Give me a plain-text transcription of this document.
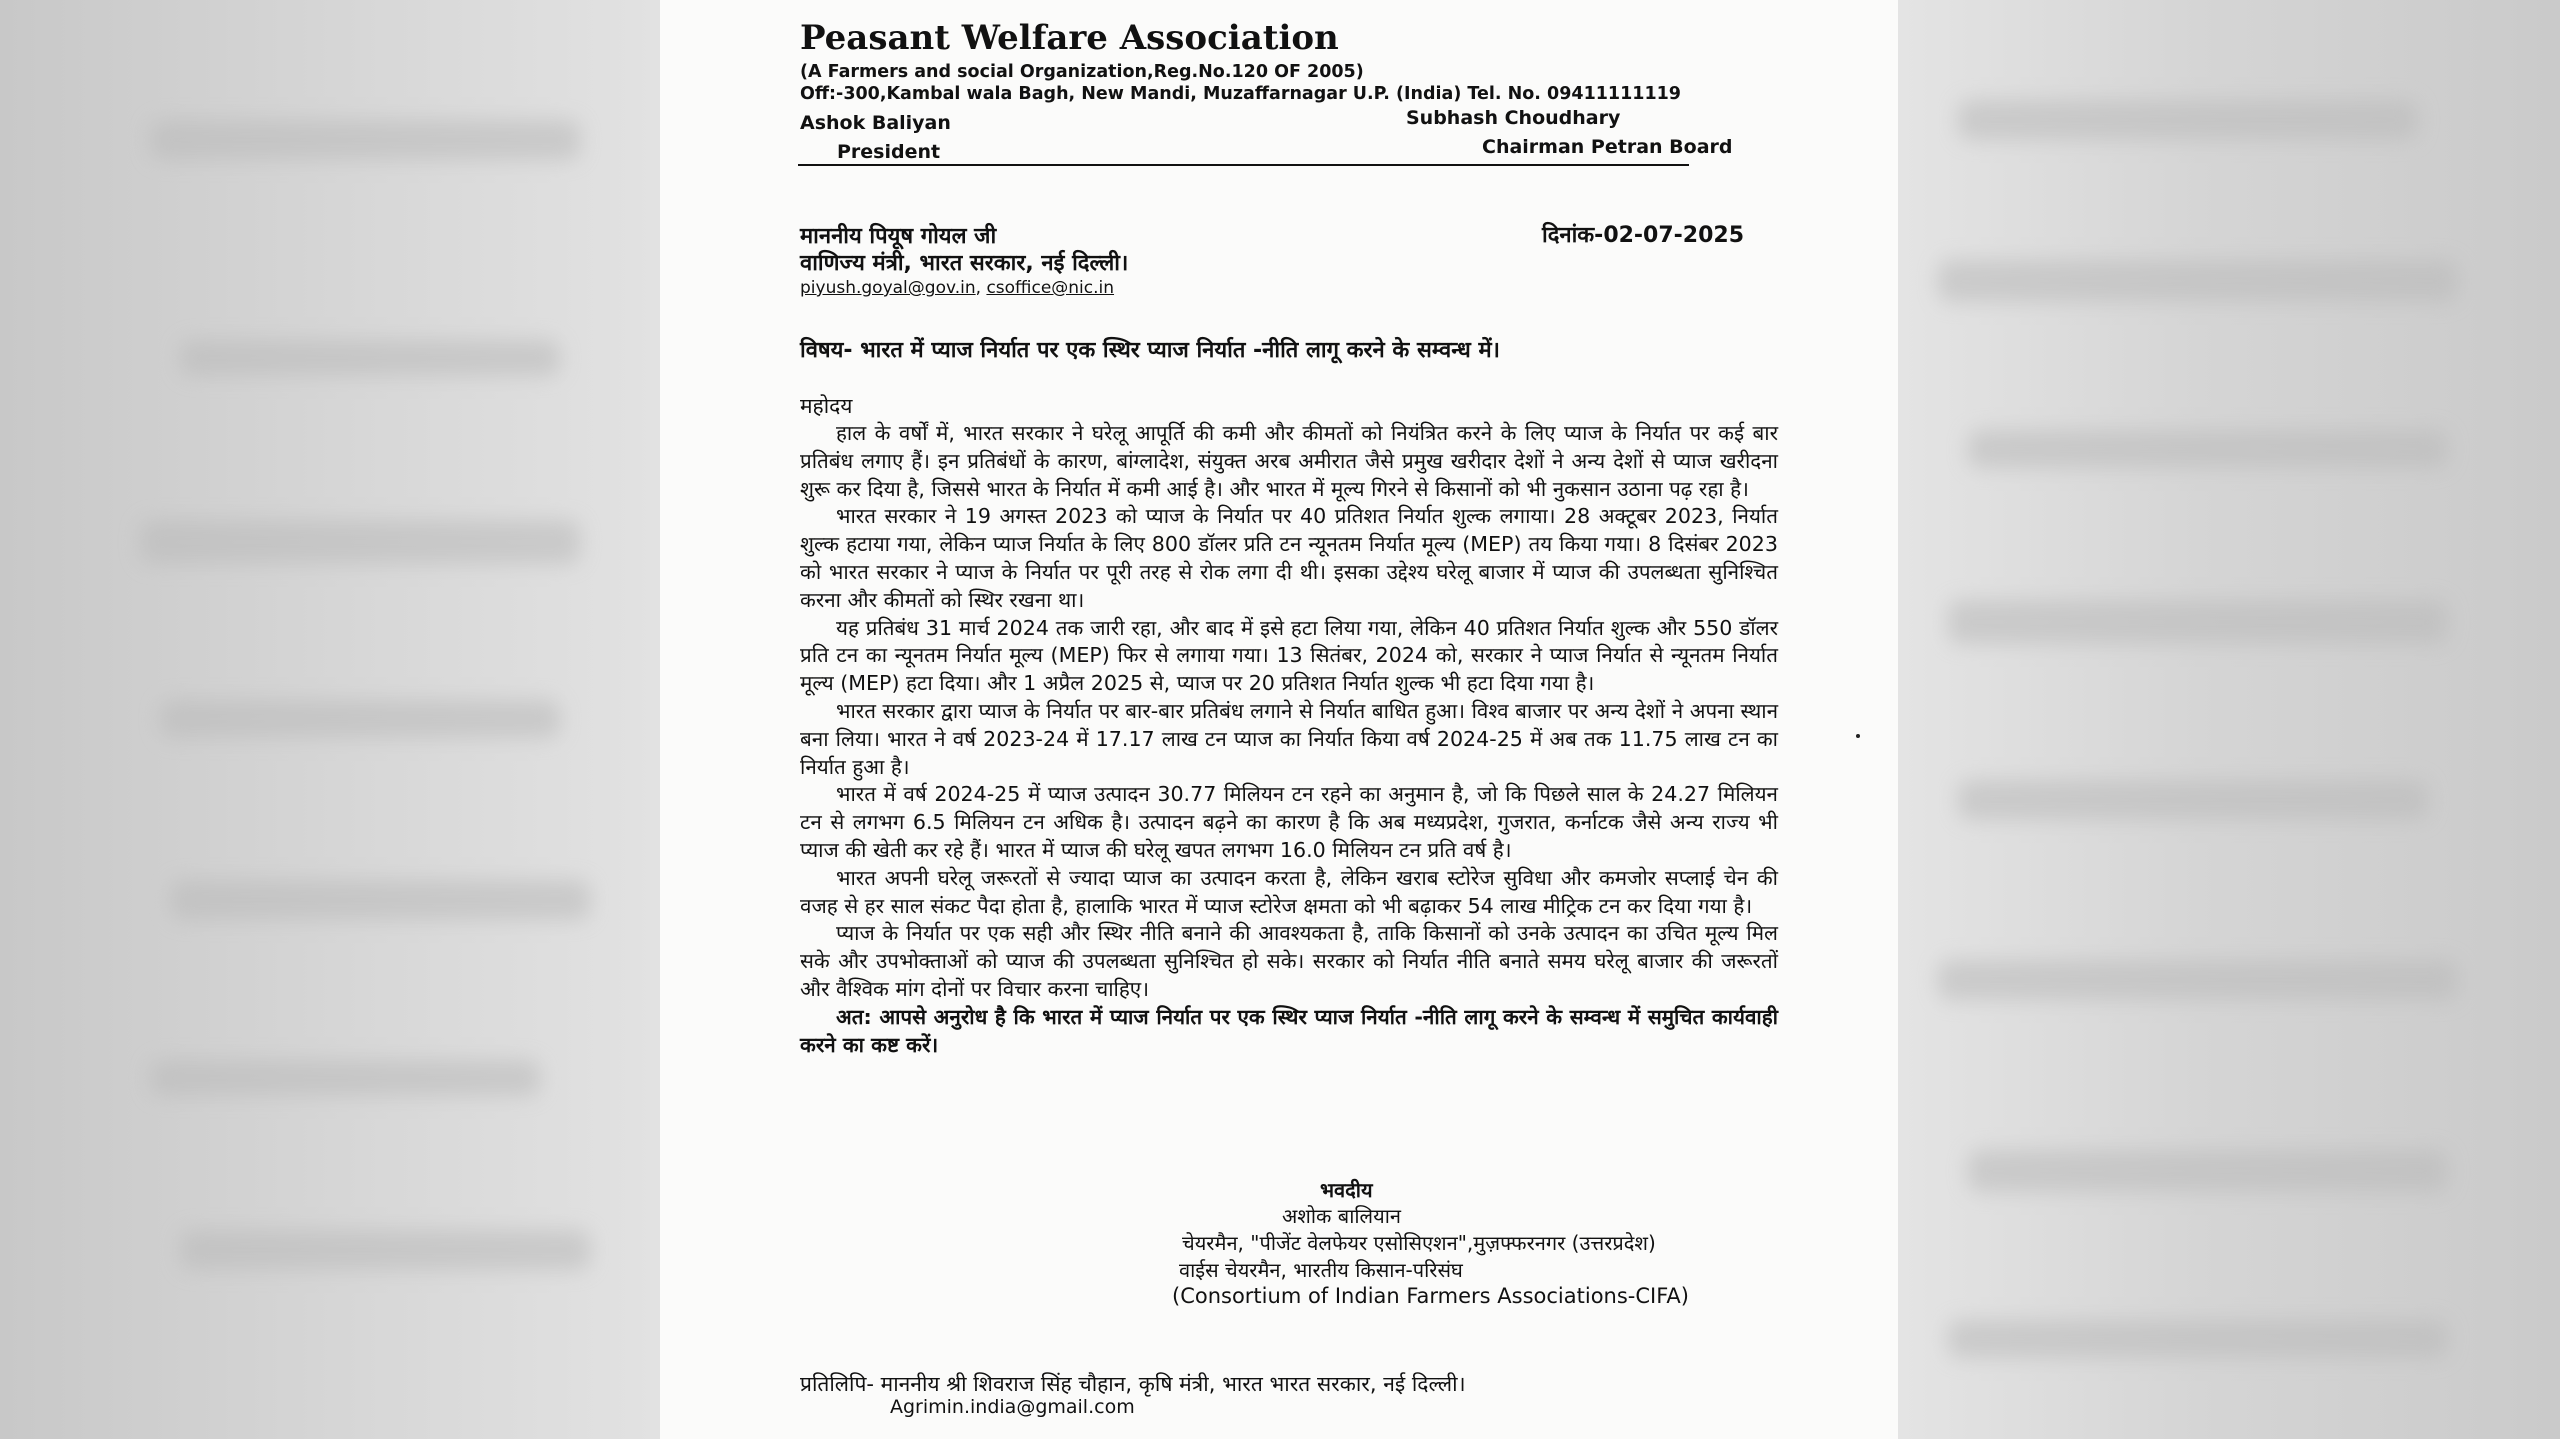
Peasant Welfare Association
(A Farmers and social Organization,Reg.No.120 OF 2005)
Off:-300,Kambal wala Bagh, New Mandi, Muzaffarnagar U.P. (India) Tel. No. 09411111119
Ashok Baliyan
President
Subhash Choudhary
Chairman Petran Board
माननीय पियूष गोयल जी
वाणिज्य मंत्री, भारत सरकार, नई दिल्ली।
piyush.goyal@gov.in, csoffice@nic.in
दिनांक-02-07-2025
विषय- भारत में प्याज निर्यात पर एक स्थिर प्याज निर्यात -नीति लागू करने के सम्वन्ध में।
महोदय

हाल के वर्षों में, भारत सरकार ने घरेलू आपूर्ति की कमी और कीमतों को नियंत्रित करने के लिए प्याज के निर्यात पर कई बार प्रतिबंध लगाए हैं। इन प्रतिबंधों के कारण, बांग्लादेश, संयुक्त अरब अमीरात जैसे प्रमुख खरीदार देशों ने अन्य देशों से प्याज खरीदना शुरू कर दिया है, जिससे भारत के निर्यात में कमी आई है। और भारत में मूल्य गिरने से किसानों को भी नुकसान उठाना पढ़ रहा है।

भारत सरकार ने 19 अगस्त 2023 को प्याज के निर्यात पर 40 प्रतिशत निर्यात शुल्क लगाया। 28 अक्टूबर 2023, निर्यात शुल्क हटाया गया, लेकिन प्याज निर्यात के लिए 800 डॉलर प्रति टन न्यूनतम निर्यात मूल्य (MEP) तय किया गया। 8 दिसंबर 2023 को भारत सरकार ने प्याज के निर्यात पर पूरी तरह से रोक लगा दी थी। इसका उद्देश्य घरेलू बाजार में प्याज की उपलब्धता सुनिश्चित करना और कीमतों को स्थिर रखना था।

यह प्रतिबंध 31 मार्च 2024 तक जारी रहा, और बाद में इसे हटा लिया गया, लेकिन 40 प्रतिशत निर्यात शुल्क और 550 डॉलर प्रति टन का न्यूनतम निर्यात मूल्य (MEP) फिर से लगाया गया। 13 सितंबर, 2024 को, सरकार ने प्याज निर्यात से न्यूनतम निर्यात मूल्य (MEP) हटा दिया। और 1 अप्रैल 2025 से, प्याज पर 20 प्रतिशत निर्यात शुल्क भी हटा दिया गया है।

भारत सरकार द्वारा प्याज के निर्यात पर बार-बार प्रतिबंध लगाने से निर्यात बाधित हुआ। विश्व बाजार पर अन्य देशों ने अपना स्थान बना लिया। भारत ने वर्ष 2023-24 में 17.17 लाख टन प्याज का निर्यात किया वर्ष 2024-25 में अब तक 11.75 लाख टन का निर्यात हुआ है।

भारत में वर्ष 2024-25 में प्याज उत्पादन 30.77 मिलियन टन रहने का अनुमान है, जो कि पिछले साल के 24.27 मिलियन टन से लगभग 6.5 मिलियन टन अधिक है। उत्पादन बढ़ने का कारण है कि अब मध्यप्रदेश, गुजरात, कर्नाटक जैसे अन्य राज्य भी प्याज की खेती कर रहे हैं। भारत में प्याज की घरेलू खपत लगभग 16.0 मिलियन टन प्रति वर्ष है।

भारत अपनी घरेलू जरूरतों से ज्यादा प्याज का उत्पादन करता है, लेकिन खराब स्टोरेज सुविधा और कमजोर सप्लाई चेन की वजह से हर साल संकट पैदा होता है, हालाकि भारत में प्याज स्टोरेज क्षमता को भी बढ़ाकर 54 लाख मीट्रिक टन कर दिया गया है।

प्याज के निर्यात पर एक सही और स्थिर नीति बनाने की आवश्यकता है, ताकि किसानों को उनके उत्पादन का उचित मूल्य मिल सके और उपभोक्ताओं को प्याज की उपलब्धता सुनिश्चित हो सके। सरकार को निर्यात नीति बनाते समय घरेलू बाजार की जरूरतों और वैश्विक मांग दोनों पर विचार करना चाहिए।

अत: आपसे अनुरोध है कि भारत में प्याज निर्यात पर एक स्थिर प्याज निर्यात -नीति लागू करने के सम्वन्ध में समुचित कार्यवाही करने का कष्ट करें।

भवदीय
अशोक बालियान
चेयरमैन, "पीजेंट वेलफेयर एसोसिएशन",मुज़फ्फरनगर (उत्तरप्रदेश)
वाईस चेयरमैन, भारतीय किसान-परिसंघ
(Consortium of Indian Farmers Associations-CIFA)
प्रतिलिपि- माननीय श्री शिवराज सिंह चौहान, कृषि मंत्री, भारत भारत सरकार, नई दिल्ली।
Agrimin.india@gmail.com
